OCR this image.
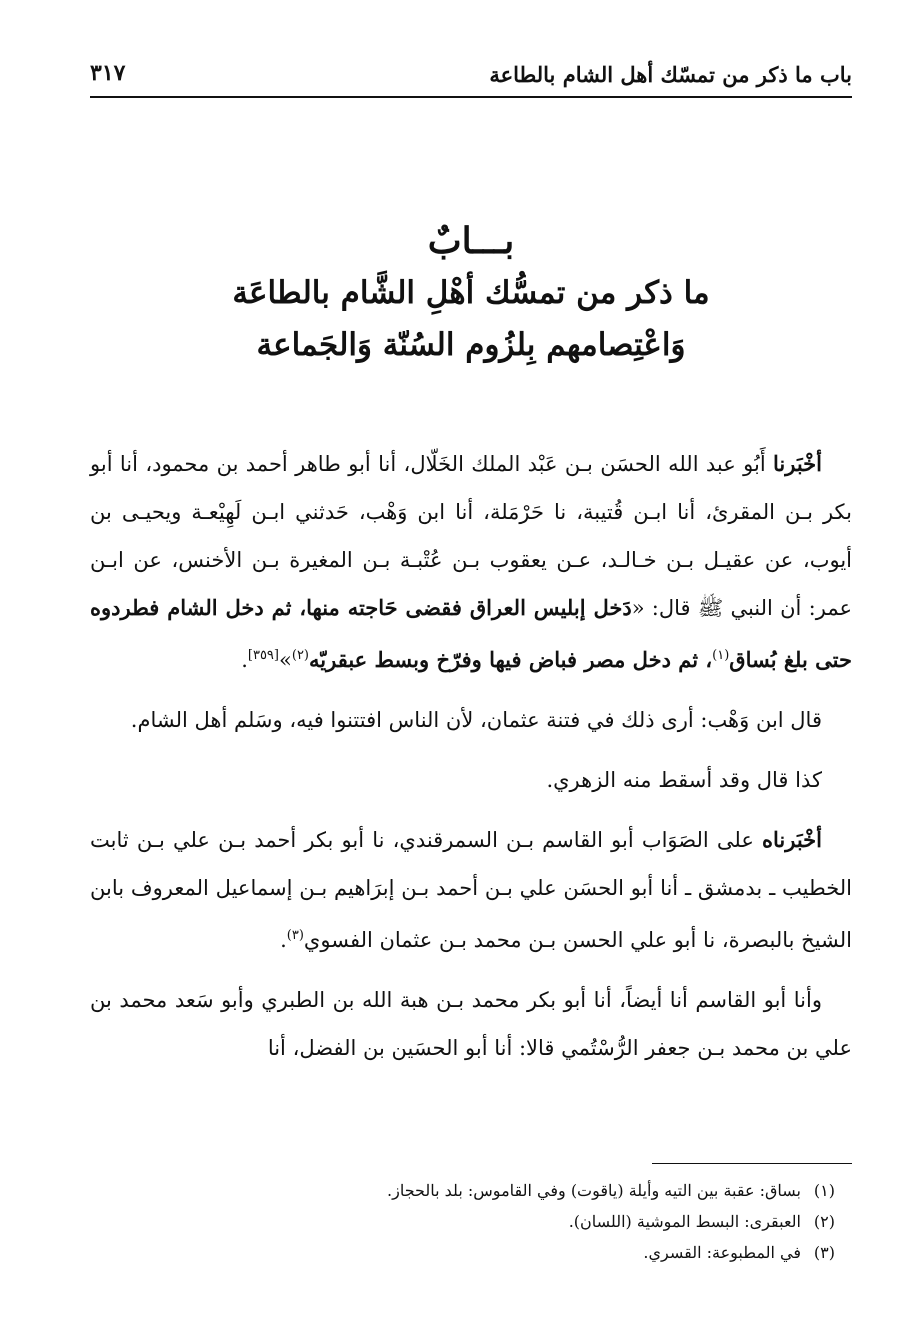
باب ما ذكر من تمسّك أهل الشام بالطاعة
٣١٧
بـــابٌ
ما ذكر من تمسُّك أهْلِ الشَّام بالطاعَة
وَاعْتِصامهم بِلزُوم السُنّة وَالجَماعة

أخْبَرنا أَبُو عبد الله الحسَن بـن عَبْد الملك الخَلّال، أنا أبو طاهر أحمد بن محمود، أنا أبو بكر بـن المقرئ، أنا ابـن قُتيبة، نا حَرْمَلة، أنا ابن وَهْب، حَدثني ابـن لَهِيْعـة ويحيـى بن أيوب، عن عقيـل بـن خـالـد، عـن يعقوب بـن عُتْبـة بـن المغيرة بـن الأخنس، عن ابـن عمر: أن النبي ﷺ قال: «دَخل إبليس العراق فقضى حَاجته منها، ثم دخل الشام فطردوه حتى بلغ بُساق$^{(١)}$، ثم دخل مصر فباض فيها وفرّخ وبسط عبقريّه$^{(٢)}$»[٣٥٩].

قال ابن وَهْب: أرى ذلك في فتنة عثمان، لأن الناس افتتنوا فيه، وسَلم أهل الشام.

كذا قال وقد أسقط منه الزهري.

أخْبَرناه على الصَوَاب أبو القاسم بـن السمرقندي، نا أبو بكر أحمد بـن علي بـن ثابت الخطيب ـ بدمشق ـ أنا أبو الحسَن علي بـن أحمد بـن إبرَاهيم بـن إسماعيل المعروف بابن الشيخ بالبصرة، نا أبو علي الحسن بـن محمد بـن عثمان الفسوي$^{(٣)}$.

وأنا أبو القاسم أنا أيضاً، أنا أبو بكر محمد بـن هبة الله بن الطبري وأبو سَعد محمد بن علي بن محمد بـن جعفر الرُّسْتُمي قالا: أنا أبو الحسَين بن الفضل، أنا

(١)بساق: عقبة بين التيه وأيلة (ياقوت) وفي القاموس: بلد بالحجاز.
(٢)العبقرى: البسط الموشية (اللسان).
(٣)في المطبوعة: القسري.
